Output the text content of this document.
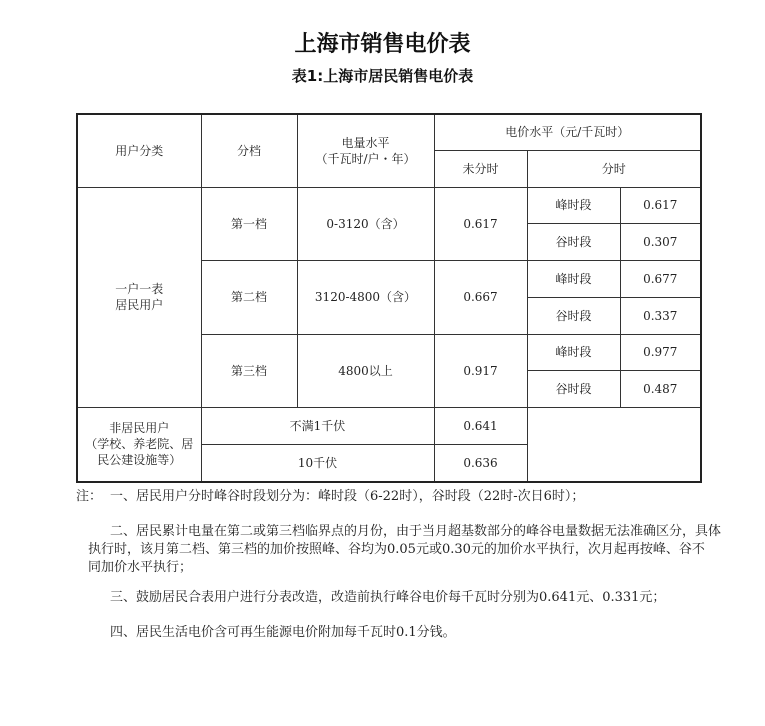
上海市销售电价表
表1:上海市居民销售电价表
用户分类	分档	电量水平
（千瓦时/户・年）	电价水平（元/千瓦时）		
			未分时	分时	

一户一表
居民用户	第一档	0-3120（含）	0.617	峰时段	0.617
				谷时段	0.307
	第二档	3120-4800（含）	0.667	峰时段	0.677
				谷时段	0.337
	第三档	4800以上	0.917	峰时段	0.977
				谷时段	0.487

非居民用户
（学校、养老院、居
民公建设施等）	不满1千伏		0.641		
	10千伏		0.636		
注： 一、居民用户分时峰谷时段划分为：峰时段（6-22时），谷时段（22时-次日6时）；
二、居民累计电量在第二或第三档临界点的月份，由于当月超基数部分的峰谷电量数据无法准确区分，具体
执行时，该月第二档、第三档的加价按照峰、谷均为0.05元或0.30元的加价水平执行，次月起再按峰、谷不
同加价水平执行；
三、鼓励居民合表用户进行分表改造，改造前执行峰谷电价每千瓦时分别为0.641元、0.331元；
四、居民生活电价含可再生能源电价附加每千瓦时0.1分钱。
